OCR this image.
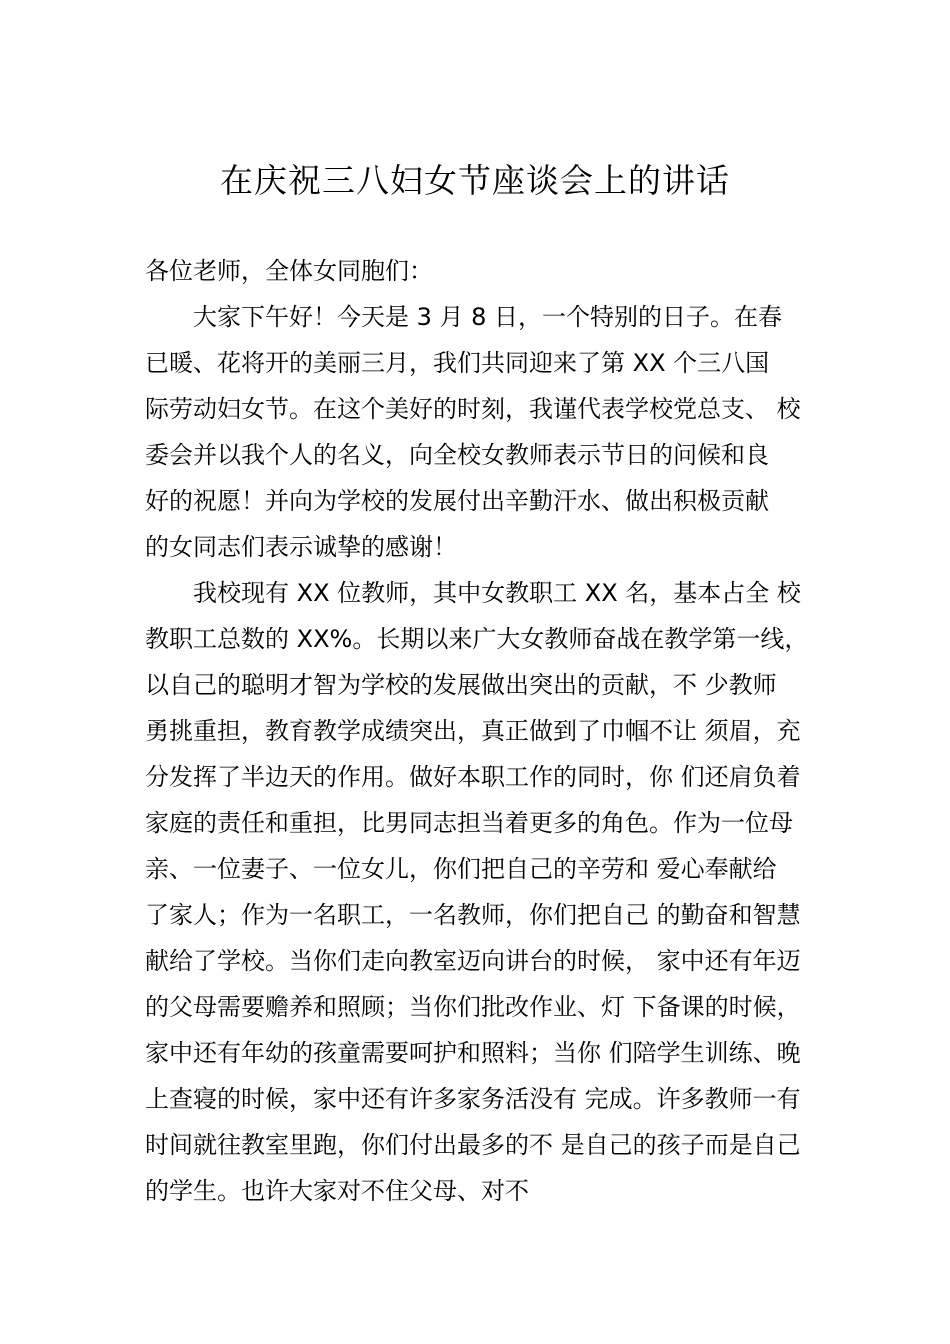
在庆祝三八妇女节座谈会上的讲话
各位老师，全体女同胞们：
大家下午好！今天是 3 月 8 日，一个特别的日子。在春
已暖、花将开的美丽三月，我们共同迎来了第 XX 个三八国
际劳动妇女节。在这个美好的时刻，我谨代表学校党总支、 校
委会并以我个人的名义，向全校女教师表示节日的问候和良
好的祝愿！并向为学校的发展付出辛勤汗水、做出积极贡献
的女同志们表示诚挚的感谢！
我校现有 XX 位教师，其中女教职工 XX 名，基本占全 校
教职工总数的 XX%。长期以来广大女教师奋战在教学第一线，
以自己的聪明才智为学校的发展做出突出的贡献，不 少教师
勇挑重担，教育教学成绩突出，真正做到了巾帼不让 须眉，充
分发挥了半边天的作用。做好本职工作的同时，你 们还肩负着
家庭的责任和重担，比男同志担当着更多的角色。作为一位母
亲、一位妻子、一位女儿，你们把自己的辛劳和 爱心奉献给
了家人；作为一名职工，一名教师，你们把自己 的勤奋和智慧
献给了学校。当你们走向教室迈向讲台的时候， 家中还有年迈
的父母需要赡养和照顾；当你们批改作业、灯 下备课的时候，
家中还有年幼的孩童需要呵护和照料；当你 们陪学生训练、晚
上查寝的时候，家中还有许多家务活没有 完成。许多教师一有
时间就往教室里跑，你们付出最多的不 是自己的孩子而是自己
的学生。也许大家对不住父母、对不
